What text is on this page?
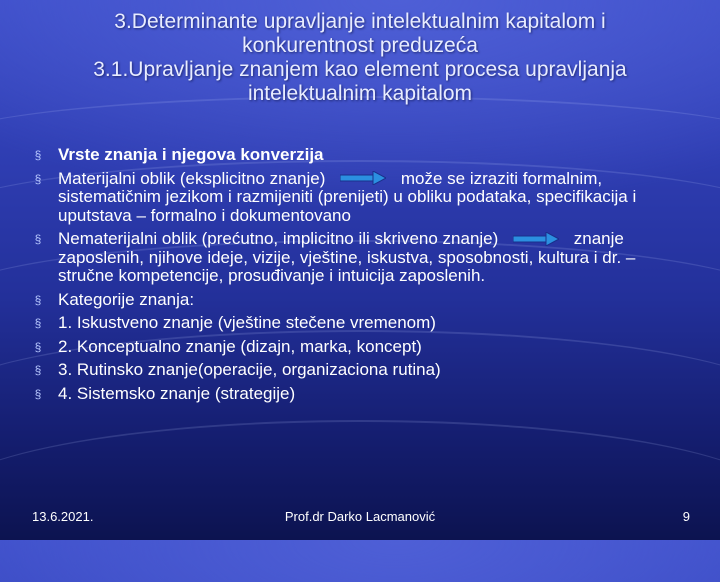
3.Determinante upravljanje intelektualnim kapitalom i
konkurentnost preduzeća
3.1.Upravljanje znanjem kao element procesa upravljanja
intelektualnim kapitalom
§ Vrste znanja i njegova konverzija
§ Materijalni oblik (eksplicitno znanje)	može se izraziti formalnim, sistematičnim jezikom i razmijeniti (prenijeti) u obliku podataka, specifikacija i uputstava – formalno i dokumentovano
§ Nematerijalni oblik (prećutno, implicitno ili skriveno znanje)	znanje zaposlenih, njihove ideje, vizije, vještine, iskustva, sposobnosti, kultura i dr. – stručne kompetencije, prosuđivanje i intuicija zaposlenih.
§ Kategorije znanja:
§ 1. Iskustveno znanje (vještine stečene vremenom)
§ 2. Konceptualno znanje (dizajn, marka, koncept)
§ 3. Rutinsko znanje(operacije, organizaciona rutina)
§ 4. Sistemsko znanje (strategije)
13.6.2021.	Prof.dr Darko Lacmanović	9
